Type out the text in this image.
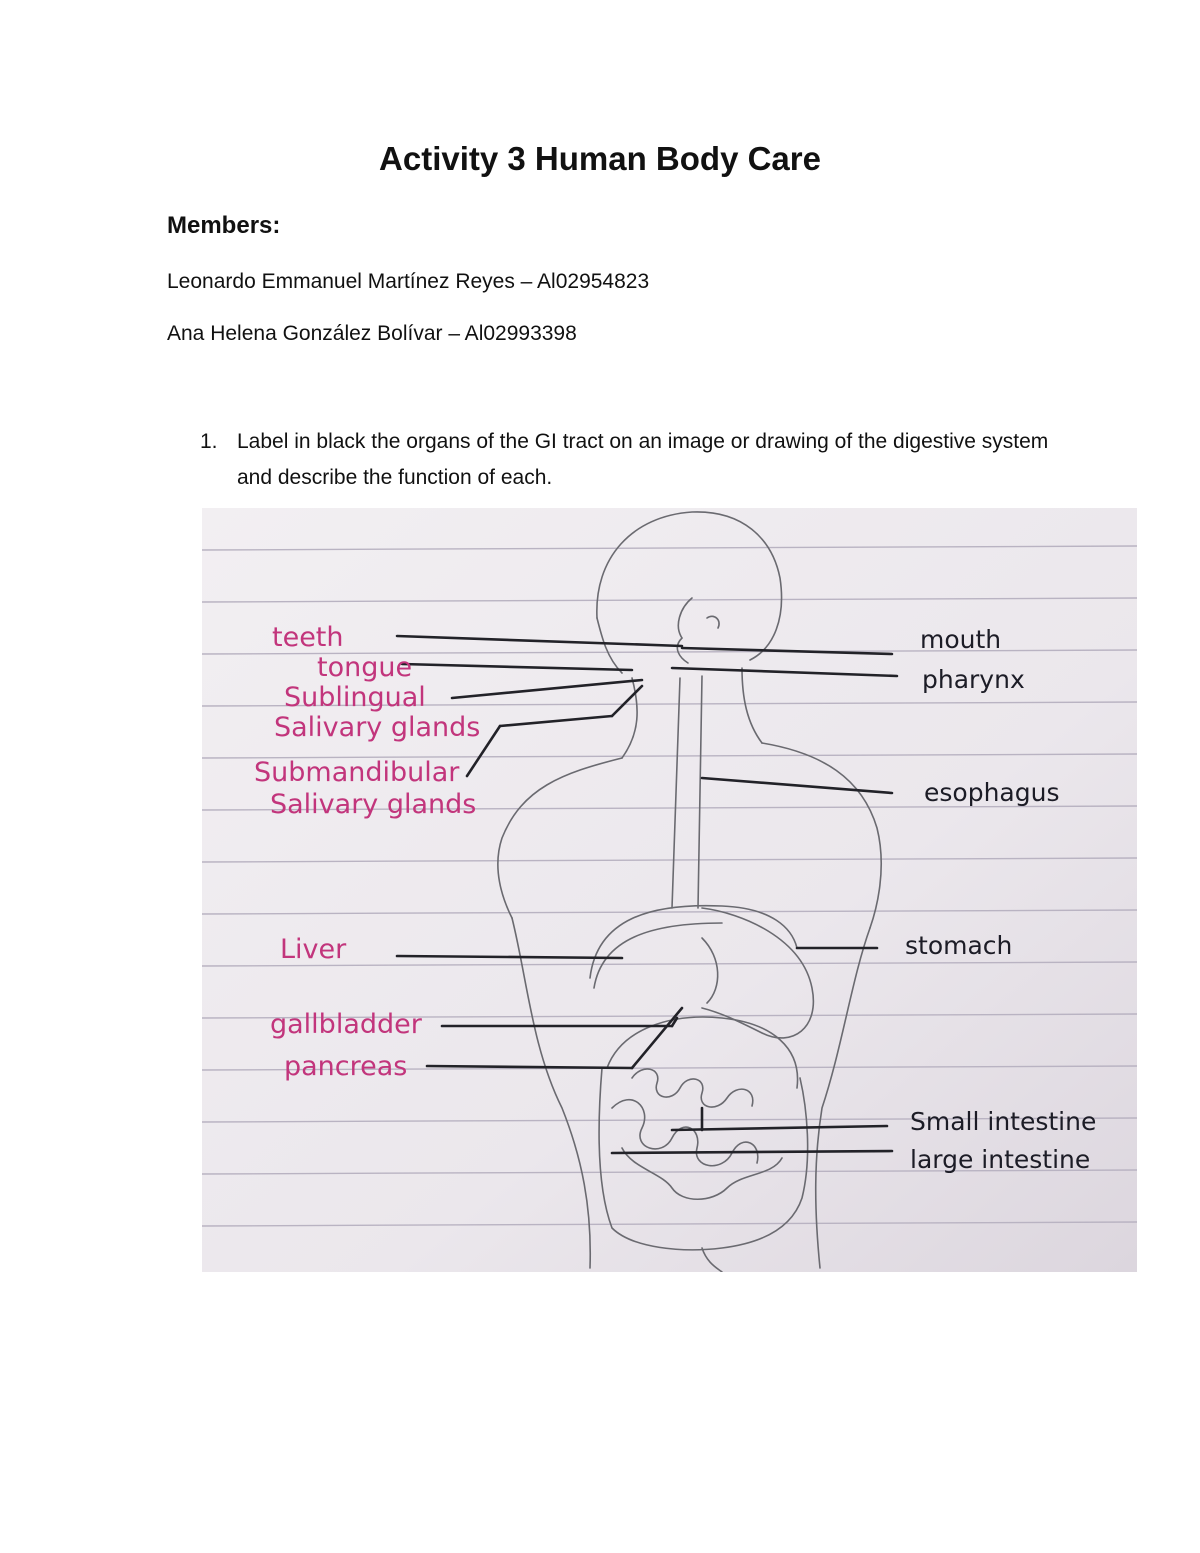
Activity 3 Human Body Care
Members:
Leonardo Emmanuel Martínez Reyes – Al02954823
Ana Helena González Bolívar – Al02993398
1. Label in black the organs of the GI tract on an image or drawing of the digestive system and describe the function of each.
teeth
tongue
Sublingual
Salivary glands
Submandibular
Salivary glands
Liver
gallbladder
pancreas
mouth
pharynx
esophagus
stomach
Small intestine
large intestine
